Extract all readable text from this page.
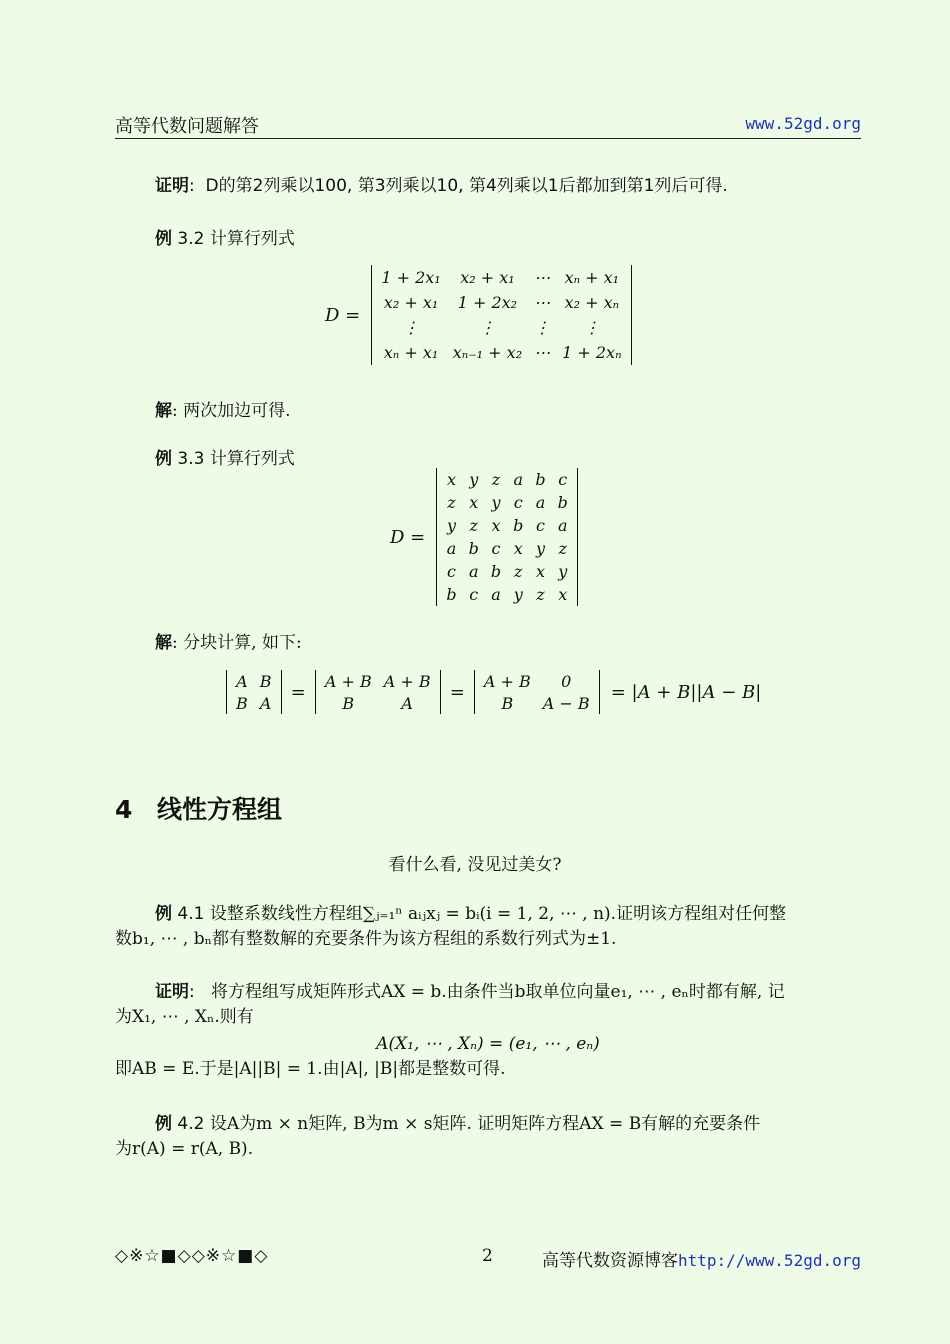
高等代数问题解答	www.52gd.org
证明:  D的第2列乘以100, 第3列乘以10, 第4列乘以1后都加到第1列后可得.
例 3.2 计算行列式
D =
1 + 2x₁	x₂ + x₁	⋯	xₙ + x₁
x₂ + x₁	1 + 2x₂	⋯	x₂ + xₙ
⋮	⋮	⋮	⋮
xₙ + x₁	xₙ₋₁ + x₂	⋯	1 + 2xₙ
解: 两次加边可得.
例 3.3 计算行列式
D =
x	y	z	a	b	c
z	x	y	c	a	b
y	z	x	b	c	a
a	b	c	x	y	z
c	a	b	z	x	y
b	c	a	y	z	x
解: 分块计算, 如下:
A	B
B	A
=
A + B	A + B
B	A
=
A + B	0
B	A − B
= |A + B||A − B|
4 线性方程组
看什么看, 没见过美女?
例 4.1 设整系数线性方程组∑ⱼ₌₁ⁿ aᵢⱼxⱼ = bᵢ(i = 1, 2, ⋯ , n).证明该方程组对任何整
数b₁, ⋯ , bₙ都有整数解的充要条件为该方程组的系数行列式为±1.
证明:   将方程组写成矩阵形式AX = b.由条件当b取单位向量e₁, ⋯ , eₙ时都有解, 记
为X₁, ⋯ , Xₙ.则有
A(X₁, ⋯ , Xₙ) = (e₁, ⋯ , eₙ)
即AB = E.于是|A||B| = 1.由|A|, |B|都是整数可得.
例 4.2 设A为m × n矩阵, B为m × s矩阵. 证明矩阵方程AX = B有解的充要条件
为r(A) = r(A, B).
◇※☆■◇◇※☆■◇	2	高等代数资源博客http://www.52gd.org
